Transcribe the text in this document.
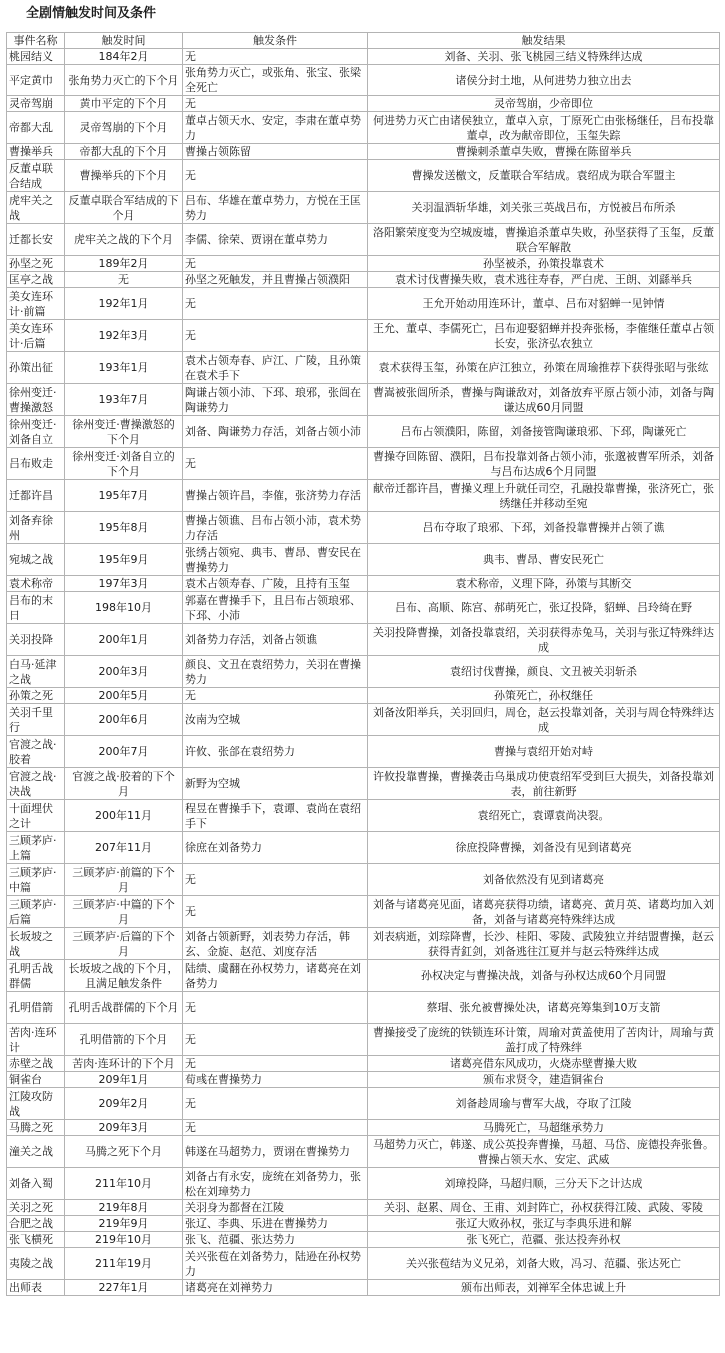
全剧情触发时间及条件
事件名称	触发时间	触发条件	触发结果
桃园结义	184年2月	无	刘备、关羽、张飞桃园三结义特殊绊达成
平定黄巾	张角势力灭亡的下个月	张角势力灭亡，或张角、张宝、张梁全死亡	诸侯分封土地，从何进势力独立出去
灵帝驾崩	黄巾平定的下个月	无	灵帝驾崩，少帝即位
帝都大乱	灵帝驾崩的下个月	董卓占领天水、安定，李肃在董卓势力	何进势力灭亡由诸侯独立，董卓入京，丁原死亡由张杨继任，吕布投靠董卓，改为献帝即位，玉玺失踪
曹操举兵	帝都大乱的下个月	曹操占领陈留	曹操刺杀董卓失败，曹操在陈留举兵
反董卓联合结成	曹操举兵的下个月	无	曹操发送檄文，反董联合军结成。袁绍成为联合军盟主
虎牢关之战	反董卓联合军结成的下个月	吕布、华雄在董卓势力，方悦在王匡势力	关羽温酒斩华雄，刘关张三英战吕布，方悦被吕布所杀
迁都长安	虎牢关之战的下个月	李儒、徐荣、贾诩在董卓势力	洛阳繁荣度变为空城废墟，曹操追杀董卓失败，孙坚获得了玉玺，反董联合军解散
孙坚之死	189年2月	无	孙坚被杀，孙策投靠袁术
匡亭之战	无	孙坚之死触发，并且曹操占领濮阳	袁术讨伐曹操失败，袁术逃往寿春，严白虎、王朗、刘繇举兵
美女连环计·前篇	192年1月	无	王允开始动用连环计，董卓、吕布对貂蝉一见钟情
美女连环计·后篇	192年3月	无	王允、董卓、李儒死亡，吕布迎娶貂蝉并投奔张杨，李傕继任董卓占领长安，张济弘农独立
孙策出征	193年1月	袁术占领寿春、庐江、广陵，且孙策在袁术手下	袁术获得玉玺，孙策在庐江独立，孙策在周瑜推荐下获得张昭与张纮
徐州变迁·曹操激怒	193年7月	陶谦占领小沛、下邳、琅邪，张闿在陶谦势力	曹嵩被张闿所杀，曹操与陶谦敌对，刘备放弃平原占领小沛，刘备与陶谦达成60月同盟
徐州变迁·刘备自立	徐州变迁·曹操激怒的下个月	刘备、陶谦势力存活，刘备占领小沛	吕布占领濮阳，陈留，刘备接管陶谦琅邪、下邳，陶谦死亡
吕布败走	徐州变迁·刘备自立的下个月	无	曹操夺回陈留、濮阳，吕布投靠刘备占领小沛，张邈被曹军所杀，刘备与吕布达成6个月同盟
迁都许昌	195年7月	曹操占领许昌，李傕，张济势力存活	献帝迁都许昌，曹操义理上升就任司空，孔融投靠曹操，张济死亡，张绣继任并移动至宛
刘备弃徐州	195年8月	曹操占领谯、吕布占领小沛，袁术势力存活	吕布夺取了琅邪、下邳，刘备投靠曹操并占领了谯
宛城之战	195年9月	张绣占领宛、典韦、曹昂、曹安民在曹操势力	典韦、曹昂、曹安民死亡
袁术称帝	197年3月	袁术占领寿春、广陵，且持有玉玺	袁术称帝，义理下降，孙策与其断交
吕布的末日	198年10月	郭嘉在曹操手下，且吕布占领琅邪、下邳、小沛	吕布、高顺、陈宫、郝萌死亡，张辽投降，貂蝉、吕玲绮在野
关羽投降	200年1月	刘备势力存活，刘备占领谯	关羽投降曹操，刘备投靠袁绍，关羽获得赤兔马，关羽与张辽特殊绊达成
白马·延津之战	200年3月	颜良、文丑在袁绍势力，关羽在曹操势力	袁绍讨伐曹操，颜良、文丑被关羽斩杀
孙策之死	200年5月	无	孙策死亡，孙权继任
关羽千里行	200年6月	汝南为空城	刘备汝阳举兵，关羽回归，周仓，赵云投靠刘备，关羽与周仓特殊绊达成
官渡之战·胶着	200年7月	许攸、张郃在袁绍势力	曹操与袁绍开始对峙
官渡之战·决战	官渡之战·胶着的下个月	新野为空城	许攸投靠曹操，曹操袭击乌巢成功使袁绍军受到巨大损失，刘备投靠刘表，前往新野
十面埋伏之计	200年11月	程昱在曹操手下，袁谭、袁尚在袁绍手下	袁绍死亡，袁谭袁尚决裂。
三顾茅庐·上篇	207年11月	徐庶在刘备势力	徐庶投降曹操，刘备没有见到诸葛亮
三顾茅庐·中篇	三顾茅庐·前篇的下个月	无	刘备依然没有见到诸葛亮
三顾茅庐·后篇	三顾茅庐·中篇的下个月	无	刘备与诸葛亮见面，诸葛亮获得功绩，诸葛亮、黄月英、诸葛均加入刘备，刘备与诸葛亮特殊绊达成
长坂坡之战	三顾茅庐·后篇的下个月	刘备占领新野，刘表势力存活，韩玄、金旋、赵范、刘度存活	刘表病逝，刘琮降曹，长沙、桂阳、零陵、武陵独立并结盟曹操，赵云获得青釭剑，刘备逃往江夏并与赵云特殊绊达成
孔明舌战群儒	长坂坡之战的下个月，且满足触发条件	陆绩、虞翻在孙权势力，诸葛亮在刘备势力	孙权决定与曹操决战，刘备与孙权达成60个月同盟
孔明借箭	孔明舌战群儒的下个月	无	蔡瑁、张允被曹操处决，诸葛亮筹集到10万支箭
苦肉·连环计	孔明借箭的下个月	无	曹操接受了庞统的铁锁连环计策，周瑜对黄盖使用了苦肉计，周瑜与黄盖打成了特殊绊
赤壁之战	苦肉·连环计的下个月	无	诸葛亮借东风成功，火烧赤壁曹操大败
铜雀台	209年1月	荀彧在曹操势力	颁布求贤令，建造铜雀台
江陵攻防战	209年2月	无	刘备趁周瑜与曹军大战，夺取了江陵
马腾之死	209年3月	无	马腾死亡，马超继承势力
潼关之战	马腾之死下个月	韩遂在马超势力，贾诩在曹操势力	马超势力灭亡，韩遂、成公英投奔曹操，马超、马岱、庞德投奔张鲁。曹操占领天水、安定、武威
刘备入蜀	211年10月	刘备占有永安，庞统在刘备势力，张松在刘璋势力	刘璋投降，马超归顺，三分天下之计达成
关羽之死	219年8月	关羽身为都督在江陵	关羽、赵累、周仓、王甫、刘封阵亡，孙权获得江陵、武陵、零陵
合肥之战	219年9月	张辽、李典、乐进在曹操势力	张辽大败孙权，张辽与李典乐进和解
张飞横死	219年10月	张飞、范疆、张达势力	张飞死亡，范疆、张达投奔孙权
夷陵之战	211年19月	关兴张苞在刘备势力，陆逊在孙权势力	关兴张苞结为义兄弟，刘备大败，冯习、范疆、张达死亡
出师表	227年1月	诸葛亮在刘禅势力	颁布出师表，刘禅军全体忠诚上升
